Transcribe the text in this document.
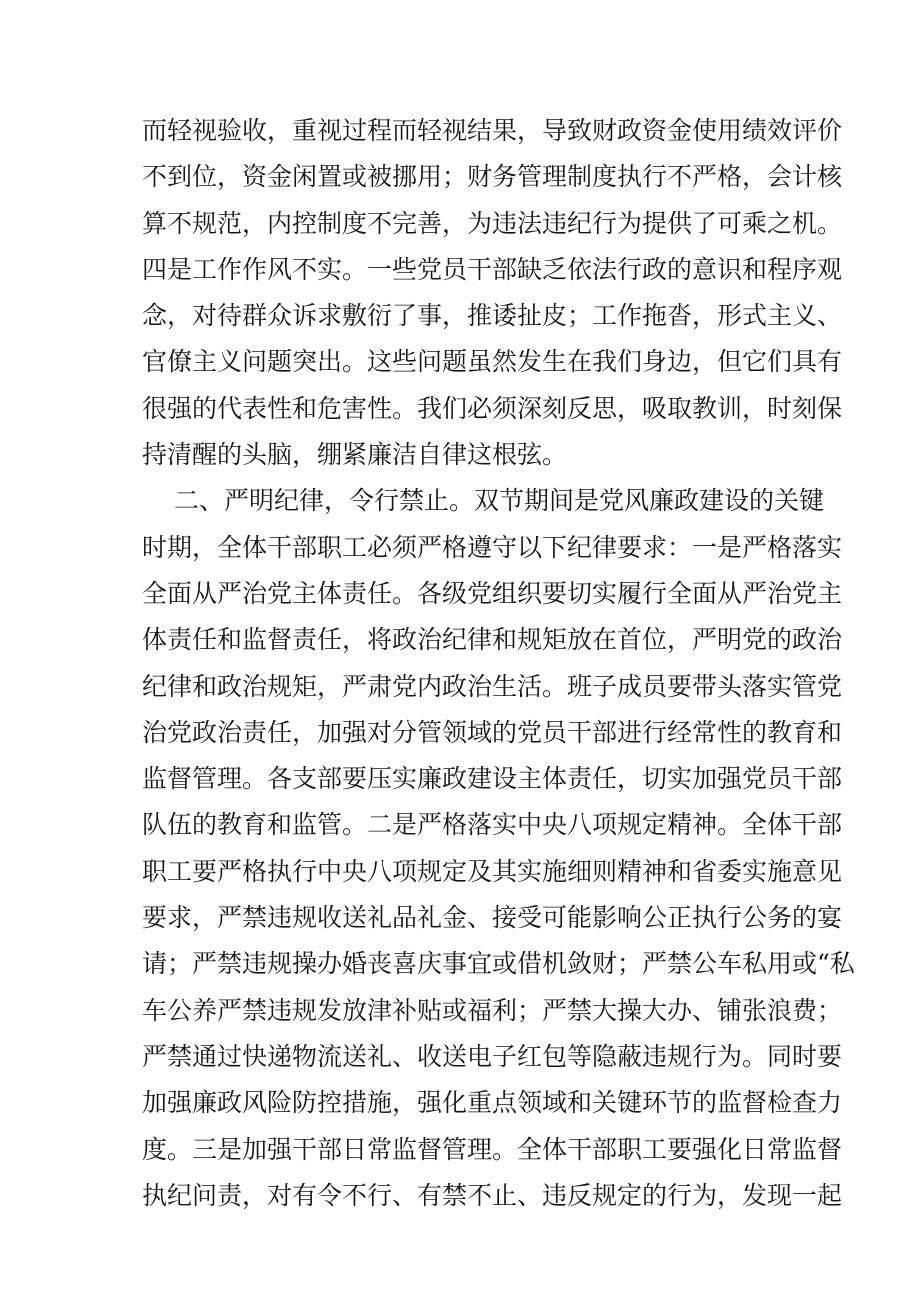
而轻视验收，重视过程而轻视结果，导致财政资金使用绩效评价
不到位，资金闲置或被挪用；财务管理制度执行不严格，会计核
算不规范，内控制度不完善，为违法违纪行为提供了可乘之机。
四是工作作风不实。一些党员干部缺乏依法行政的意识和程序观
念，对待群众诉求敷衍了事，推诿扯皮；工作拖沓，形式主义、
官僚主义问题突出。这些问题虽然发生在我们身边，但它们具有
很强的代表性和危害性。我们必须深刻反思，吸取教训，时刻保
持清醒的头脑，绷紧廉洁自律这根弦。
二、严明纪律，令行禁止。双节期间是党风廉政建设的关键
时期，全体干部职工必须严格遵守以下纪律要求：一是严格落实
全面从严治党主体责任。各级党组织要切实履行全面从严治党主
体责任和监督责任，将政治纪律和规矩放在首位，严明党的政治
纪律和政治规矩，严肃党内政治生活。班子成员要带头落实管党
治党政治责任，加强对分管领域的党员干部进行经常性的教育和
监督管理。各支部要压实廉政建设主体责任，切实加强党员干部
队伍的教育和监管。二是严格落实中央八项规定精神。全体干部
职工要严格执行中央八项规定及其实施细则精神和省委实施意见
要求，严禁违规收送礼品礼金、接受可能影响公正执行公务的宴
请；严禁违规操办婚丧喜庆事宜或借机敛财；严禁公车私用或“私
车公养严禁违规发放津补贴或福利；严禁大操大办、铺张浪费；
严禁通过快递物流送礼、收送电子红包等隐蔽违规行为。同时要
加强廉政风险防控措施，强化重点领域和关键环节的监督检查力
度。三是加强干部日常监督管理。全体干部职工要强化日常监督
执纪问责，对有令不行、有禁不止、违反规定的行为，发现一起
